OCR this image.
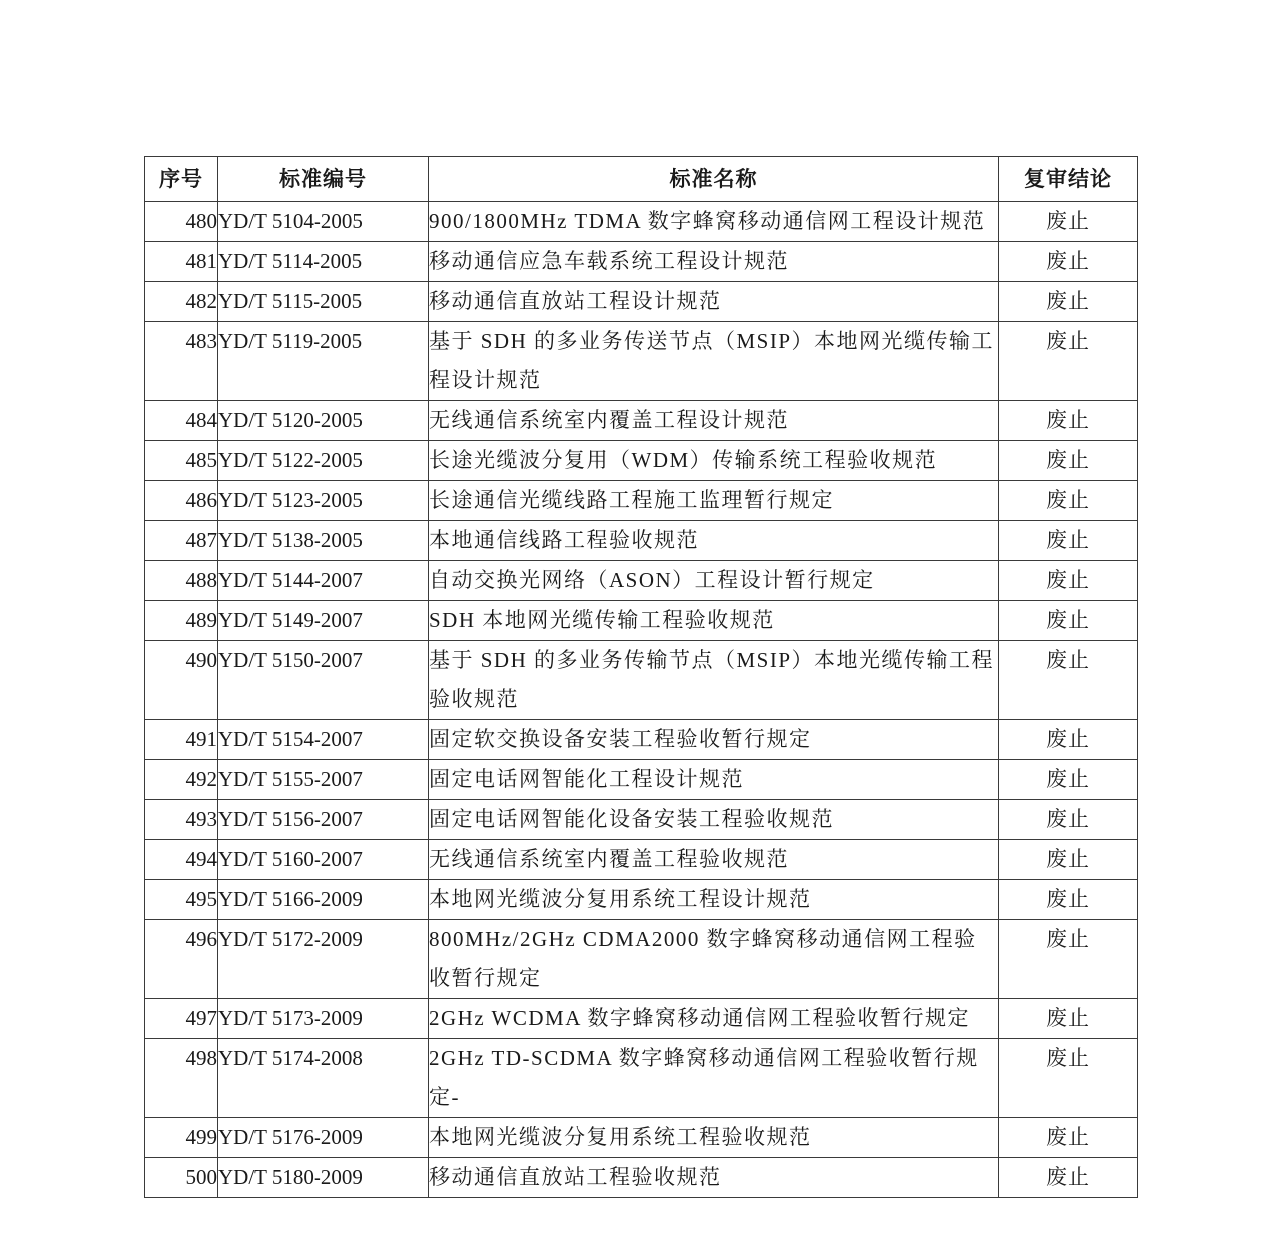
序号	标准编号	标准名称	复审结论
480	YD/T 5104-2005	900/1800MHz TDMA 数字蜂窝移动通信网工程设计规范	废止
481	YD/T 5114-2005	移动通信应急车载系统工程设计规范	废止
482	YD/T 5115-2005	移动通信直放站工程设计规范	废止
483	YD/T 5119-2005	基于 SDH 的多业务传送节点（MSIP）本地网光缆传输工程设计规范	废止
484	YD/T 5120-2005	无线通信系统室内覆盖工程设计规范	废止
485	YD/T 5122-2005	长途光缆波分复用（WDM）传输系统工程验收规范	废止
486	YD/T 5123-2005	长途通信光缆线路工程施工监理暂行规定	废止
487	YD/T 5138-2005	本地通信线路工程验收规范	废止
488	YD/T 5144-2007	自动交换光网络（ASON）工程设计暂行规定	废止
489	YD/T 5149-2007	SDH 本地网光缆传输工程验收规范	废止
490	YD/T 5150-2007	基于 SDH 的多业务传输节点（MSIP）本地光缆传输工程验收规范	废止
491	YD/T 5154-2007	固定软交换设备安装工程验收暂行规定	废止
492	YD/T 5155-2007	固定电话网智能化工程设计规范	废止
493	YD/T 5156-2007	固定电话网智能化设备安装工程验收规范	废止
494	YD/T 5160-2007	无线通信系统室内覆盖工程验收规范	废止
495	YD/T 5166-2009	本地网光缆波分复用系统工程设计规范	废止
496	YD/T 5172-2009	800MHz/2GHz CDMA2000 数字蜂窝移动通信网工程验收暂行规定	废止
497	YD/T 5173-2009	2GHz WCDMA 数字蜂窝移动通信网工程验收暂行规定	废止
498	YD/T 5174-2008	2GHz TD-SCDMA 数字蜂窝移动通信网工程验收暂行规定-	废止
499	YD/T 5176-2009	本地网光缆波分复用系统工程验收规范	废止
500	YD/T 5180-2009	移动通信直放站工程验收规范	废止
